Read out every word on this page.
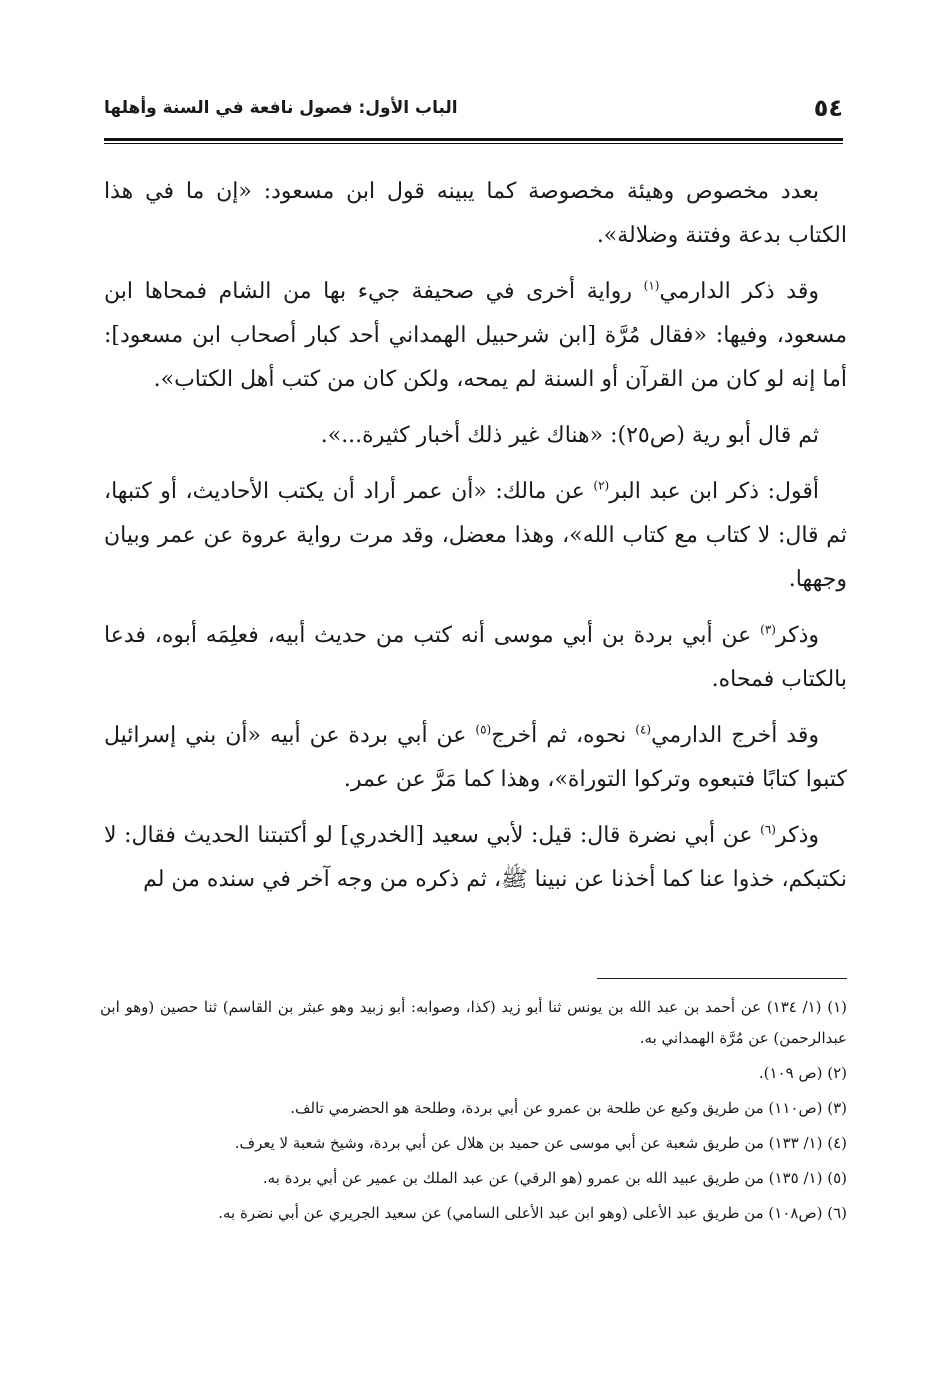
٥٤
الباب الأول: فصول نافعة في السنة وأهلها

بعدد مخصوص وهيئة مخصوصة كما يبينه قول ابن مسعود: «إن ما في هذا الكتاب بدعة وفتنة وضلالة».

وقد ذكر الدارمي$^{(١)}$ رواية أخرى في صحيفة جيء بها من الشام فمحاها ابن مسعود، وفيها: «فقال مُرَّة [ابن شرحبيل الهمداني أحد كبار أصحاب ابن مسعود]: أما إنه لو كان من القرآن أو السنة لم يمحه، ولكن كان من كتب أهل الكتاب».

ثم قال أبو رية (ص٢٥): «هناك غير ذلك أخبار كثيرة...».

أقول: ذكر ابن عبد البر$^{(٢)}$ عن مالك: «أن عمر أراد أن يكتب الأحاديث، أو كتبها، ثم قال: لا كتاب مع كتاب الله»، وهذا معضل، وقد مرت رواية عروة عن عمر وبيان وجهها.

وذكر$^{(٣)}$ عن أبي بردة بن أبي موسى أنه كتب من حديث أبيه، فعلِمَه أبوه، فدعا بالكتاب فمحاه.

وقد أخرج الدارمي$^{(٤)}$ نحوه، ثم أخرج$^{(٥)}$ عن أبي بردة عن أبيه «أن بني إسرائيل كتبوا كتابًا فتبعوه وتركوا التوراة»، وهذا كما مَرَّ عن عمر.

وذكر$^{(٦)}$ عن أبي نضرة قال: قيل: لأبي سعيد [الخدري] لو أكتبتنا الحديث فقال: لا نكتبكم، خذوا عنا كما أخذنا عن نبينا ﷺ، ثم ذكره من وجه آخر في سنده من لم

(١) (١/ ١٣٤) عن أحمد بن عبد الله بن يونس ثنا أبو زيد (كذا، وصوابه: أبو زبيد وهو عبثر بن القاسم) ثنا حصين (وهو ابن عبدالرحمن) عن مُرَّة الهمداني به.
(٢) (ص ١٠٩).
(٣) (ص١١٠) من طريق وكيع عن طلحة بن عمرو عن أبي بردة، وطلحة هو الحضرمي تالف.
(٤) (١/ ١٣٣) من طريق شعبة عن أبي موسى عن حميد بن هلال عن أبي بردة، وشيخ شعبة لا يعرف.
(٥) (١/ ١٣٥) من طريق عبيد الله بن عمرو (هو الرقي) عن عبد الملك بن عمير عن أبي بردة به.
(٦) (ص١٠٨) من طريق عبد الأعلى (وهو ابن عبد الأعلى السامي) عن سعيد الجريري عن أبي نضرة به.
